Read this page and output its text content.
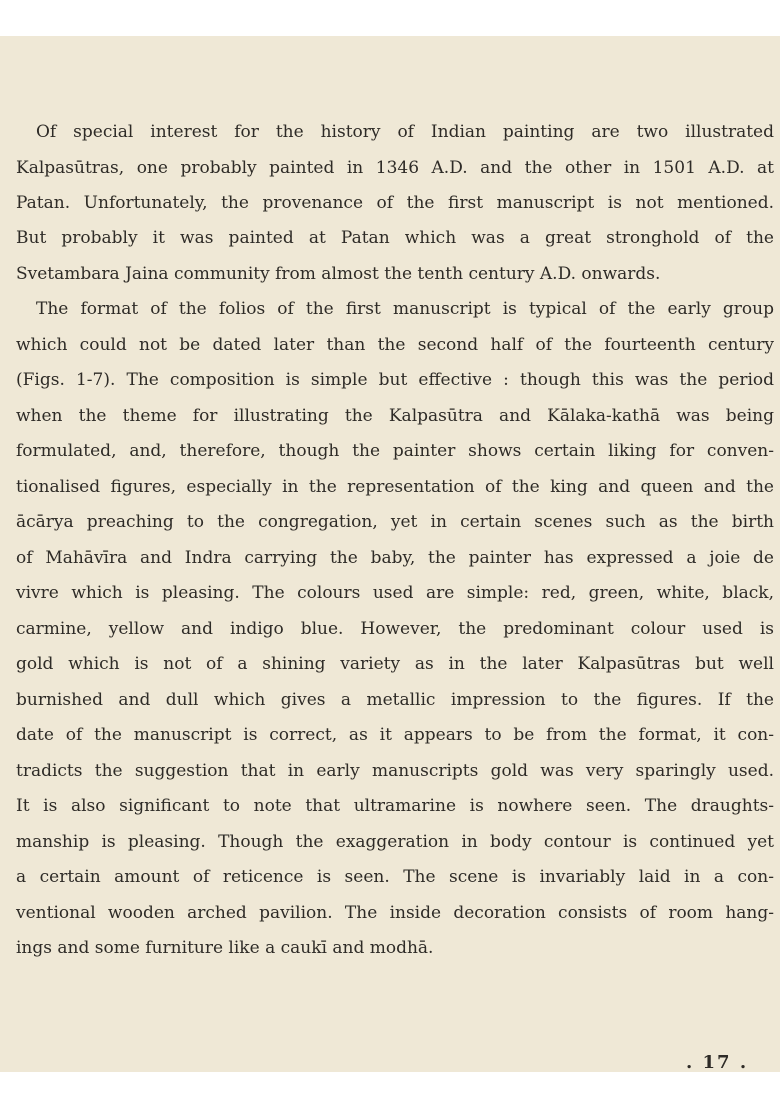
Of special interest for the history of Indian painting are two illustrated

Kalpasūtras, one probably painted in 1346 A.D. and the other in 1501 A.D. at

Patan. Unfortunately, the provenance of the first manuscript is not mentioned.

But probably it was painted at Patan which was a great stronghold of the

Svetambara Jaina community from almost the tenth century A.D. onwards.

The format of the folios of the first manuscript is typical of the early group

which could not be dated later than the second half of the fourteenth century

(Figs. 1-7). The composition is simple but effective : though this was the period

when the theme for illustrating the Kalpasūtra and Kālaka-kathā was being

formulated, and, therefore, though the painter shows certain liking for conven-

tionalised figures, especially in the representation of the king and queen and the

ācārya preaching to the congregation, yet in certain scenes such as the birth

of Mahāvīra and Indra carrying the baby, the painter has expressed a joie de

vivre which is pleasing. The colours used are simple: red, green, white, black,

carmine, yellow and indigo blue. However, the predominant colour used is

gold which is not of a shining variety as in the later Kalpasūtras but well

burnished and dull which gives a metallic impression to the figures. If the

date of the manuscript is correct, as it appears to be from the format, it con-

tradicts the suggestion that in early manuscripts gold was very sparingly used.

It is also significant to note that ultramarine is nowhere seen. The draughts-

manship is pleasing. Though the exaggeration in body contour is continued yet

a certain amount of reticence is seen. The scene is invariably laid in a con-

ventional wooden arched pavilion. The inside decoration consists of room hang-

ings and some furniture like a caukī and modhā.

. 17 .
